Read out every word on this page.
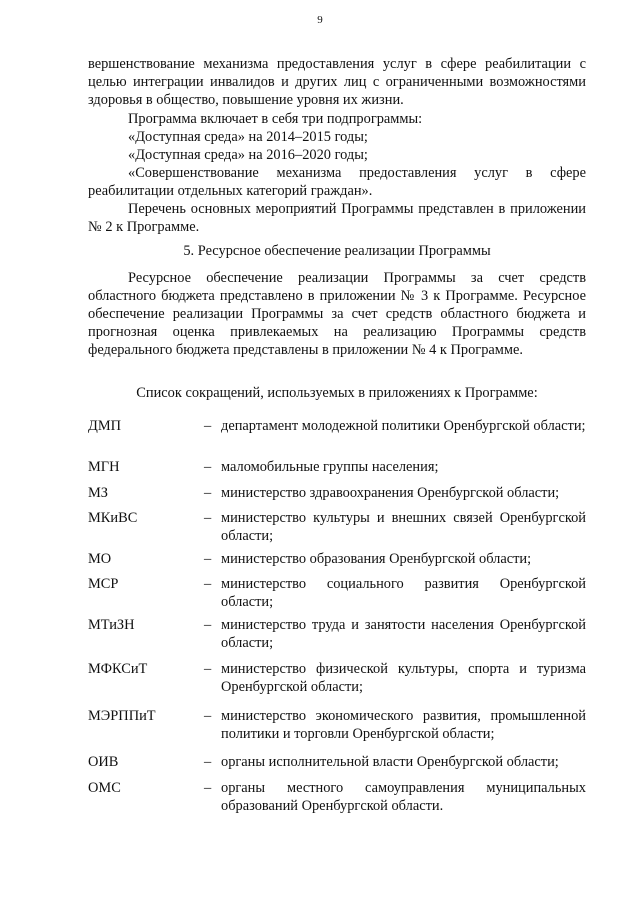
9

вершенствование механизма предоставления услуг в сфере реабилитации с целью интеграции инвалидов и других лиц с ограниченными возможностями здоровья в общество, повышение уровня их жизни.

Программа включает в себя три подпрограммы:

«Доступная среда» на 2014–2015 годы;

«Доступная среда» на 2016–2020 годы;

«Совершенствование механизма предоставления услуг в сфере реабилитации отдельных категорий граждан».

Перечень основных мероприятий Программы представлен в приложении № 2 к Программе.

5. Ресурсное обеспечение реализации Программы

Ресурсное обеспечение реализации Программы за счет средств областного бюджета представлено в приложении № 3 к Программе. Ресурсное обеспечение реализации Программы за счет средств областного бюджета и прогнозная оценка привлекаемых на реализацию Программы средств федерального бюджета представлены в приложении № 4 к Программе.

Список сокращений, используемых в приложениях к Программе:

ДМП	– департамент молодежной политики Оренбургской области;
МГН	– маломобильные группы населения;
МЗ	– министерство здравоохранения Оренбургской области;
МКиВС	– министерство культуры и внешних связей Оренбургской области;
МО	– министерство образования Оренбургской области;
МСР	– министерство социального развития Оренбургской области;
МТиЗН	– министерство труда и занятости населения Оренбургской области;
МФКСиТ	– министерство физической культуры, спорта и туризма Оренбургской области;
МЭРППиТ	– министерство экономического развития, промышленной политики и торговли Оренбургской области;
ОИВ	– органы исполнительной власти Оренбургской области;
ОМС	– органы местного самоуправления муниципальных образований Оренбургской области.
